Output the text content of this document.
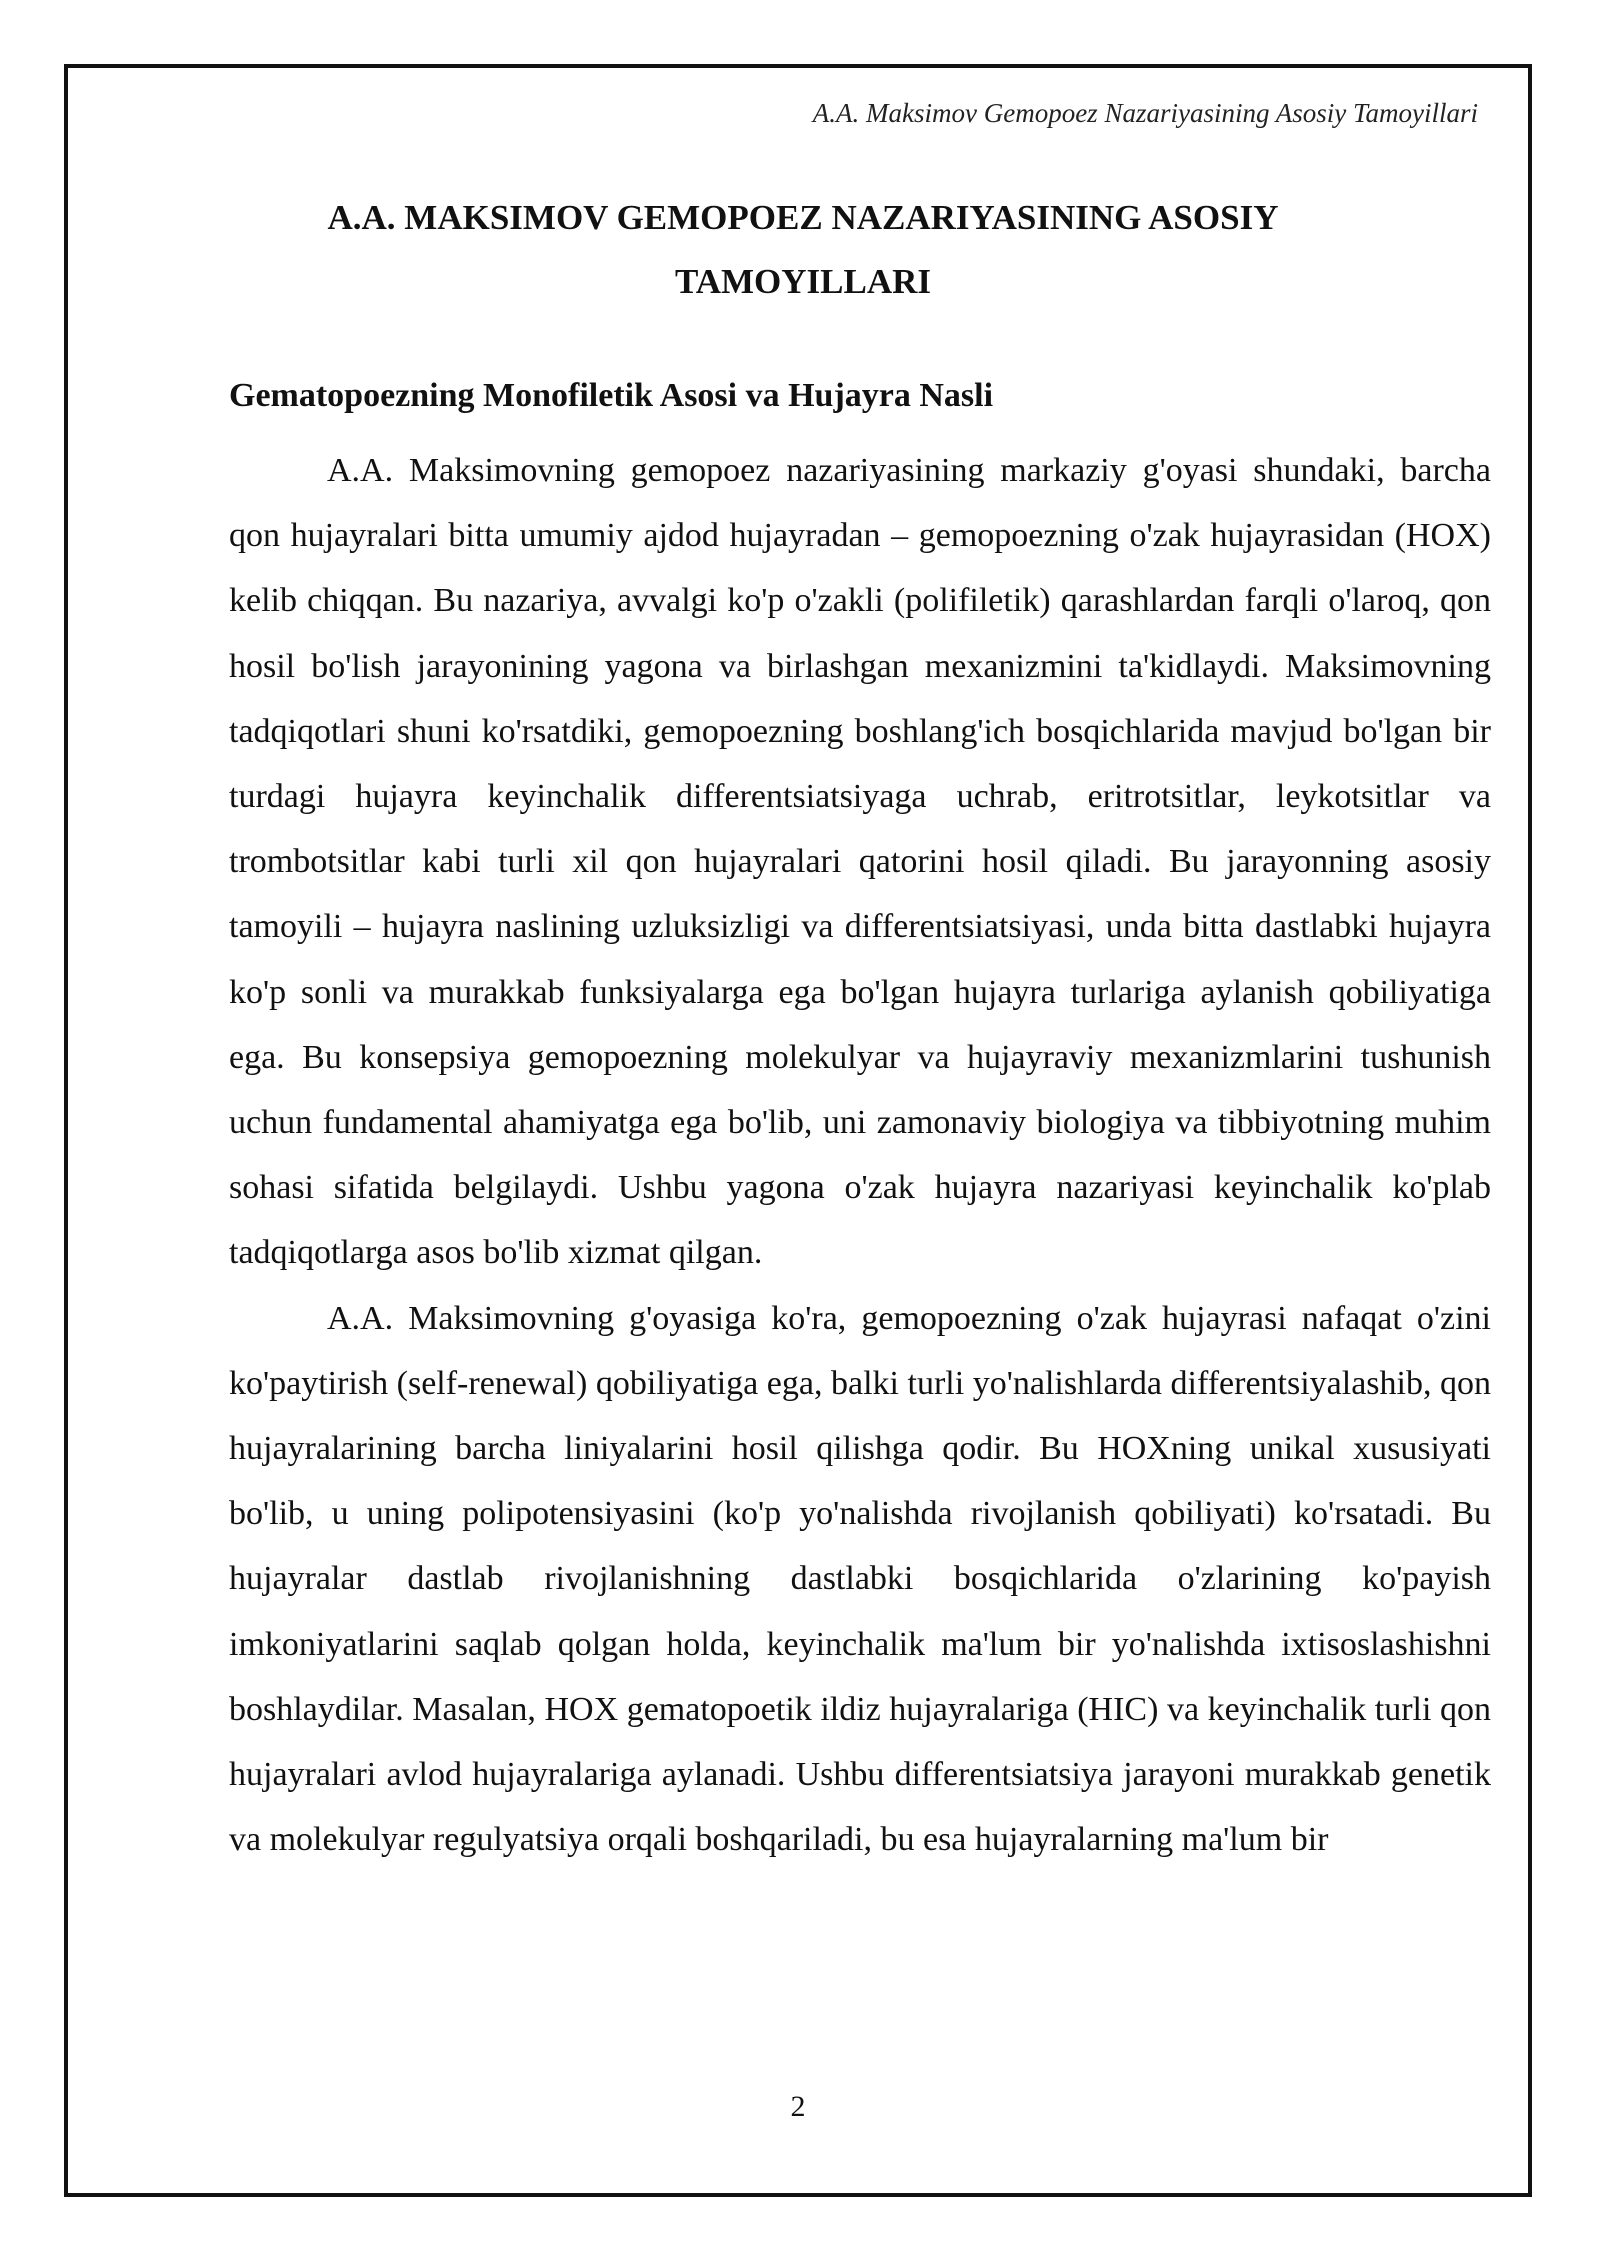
A.A. Maksimov Gemopoez Nazariyasining Asosiy Tamoyillari
A.A. MAKSIMOV GEMOPOEZ NAZARIYASINING ASOSIY TAMOYILLARI
Gematopoezning Monofiletik Asosi va Hujayra Nasli

A.A. Maksimovning gemopoez nazariyasining markaziy g'oyasi shundaki, barcha qon hujayralari bitta umumiy ajdod hujayradan – gemopoezning o'zak hujayrasidan (HOX) kelib chiqqan. Bu nazariya, avvalgi ko'p o'zakli (polifiletik) qarashlardan farqli o'laroq, qon hosil bo'lish jarayonining yagona va birlashgan mexanizmini ta'kidlaydi. Maksimovning tadqiqotlari shuni ko'rsatdiki, gemopoezning boshlang'ich bosqichlarida mavjud bo'lgan bir turdagi hujayra keyinchalik differentsiatsiyaga uchrab, eritrotsitlar, leykotsitlar va trombotsitlar kabi turli xil qon hujayralari qatorini hosil qiladi. Bu jarayonning asosiy tamoyili – hujayra naslining uzluksizligi va differentsiatsiyasi, unda bitta dastlabki hujayra ko'p sonli va murakkab funksiyalarga ega bo'lgan hujayra turlariga aylanish qobiliyatiga ega. Bu konsepsiya gemopoezning molekulyar va hujayraviy mexanizmlarini tushunish uchun fundamental ahamiyatga ega bo'lib, uni zamonaviy biologiya va tibbiyotning muhim sohasi sifatida belgilaydi. Ushbu yagona o'zak hujayra nazariyasi keyinchalik ko'plab tadqiqotlarga asos bo'lib xizmat qilgan.

A.A. Maksimovning g'oyasiga ko'ra, gemopoezning o'zak hujayrasi nafaqat o'zini ko'paytirish (self-renewal) qobiliyatiga ega, balki turli yo'nalishlarda differentsiyalashib, qon hujayralarining barcha liniyalarini hosil qilishga qodir. Bu HOXning unikal xususiyati bo'lib, u uning polipotensiyasini (ko'p yo'nalishda rivojlanish qobiliyati) ko'rsatadi. Bu hujayralar dastlab rivojlanishning dastlabki bosqichlarida o'zlarining ko'payish imkoniyatlarini saqlab qolgan holda, keyinchalik ma'lum bir yo'nalishda ixtisoslashishni boshlaydilar. Masalan, HOX gematopoetik ildiz hujayralariga (HIC) va keyinchalik turli qon hujayralari avlod hujayralariga aylanadi. Ushbu differentsiatsiya jarayoni murakkab genetik va molekulyar regulyatsiya orqali boshqariladi, bu esa hujayralarning ma'lum bir

2
